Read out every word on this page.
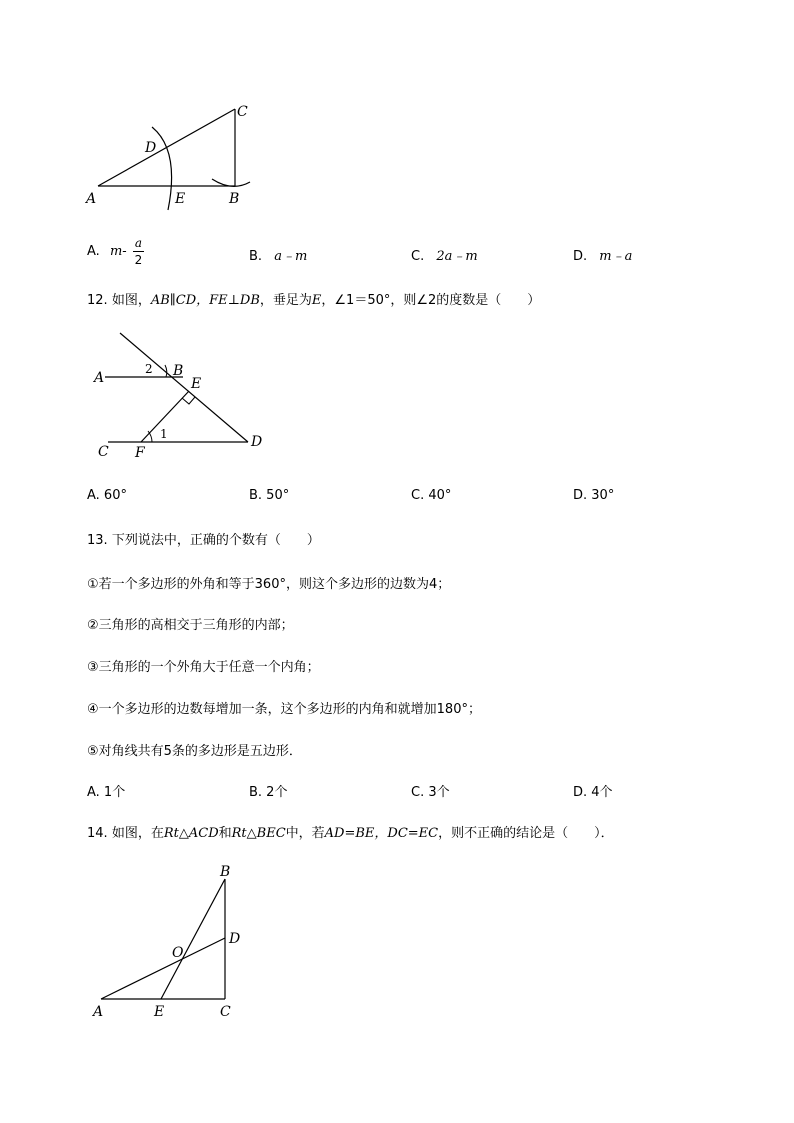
A	B
C
D
E
A. $m- \frac{a}{2}$	B. a﹣m	C. 2a﹣m	D. m﹣a
12. 如图，AB∥CD，FE⊥DB，垂足为E，∠1＝50°，则∠2的度数是（　　）
A	B
C
D
E
F
1
2
A. 60°	B. 50°	C. 40°	D. 30°
13. 下列说法中，正确的个数有（　　）
①若一个多边形的外角和等于360°，则这个多边形的边数为4；
②三角形的高相交于三角形的内部；
③三角形的一个外角大于任意一个内角；
④一个多边形的边数每增加一条，这个多边形的内角和就增加180°；
⑤对角线共有5条的多边形是五边形．
A. 1个	B. 2个	C. 3个	D. 4个
14. 如图，在Rt△ACD和Rt△BEC中，若AD=BE，DC=EC，则不正确的结论是（　　）．
A
B
C
D
E
O
